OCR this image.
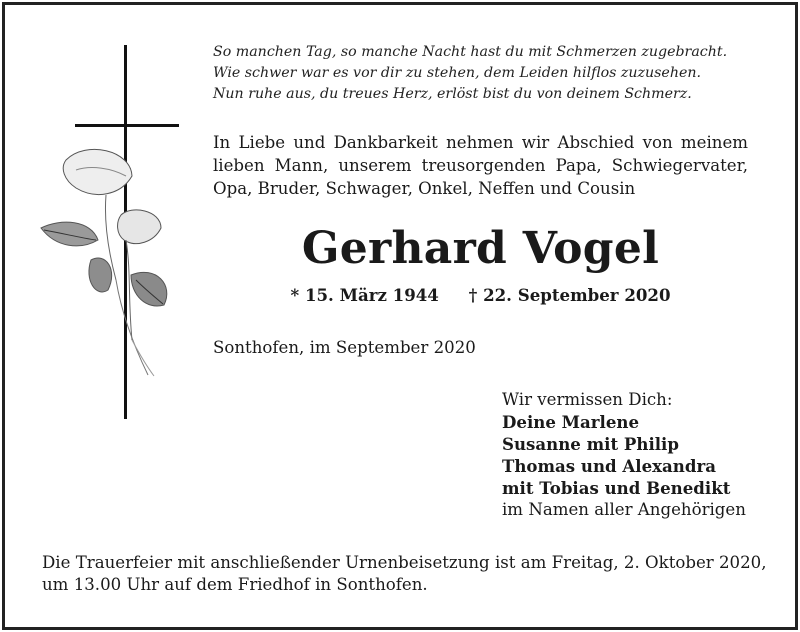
So manchen Tag, so manche Nacht hast du mit Schmerzen zugebracht.
Wie schwer war es vor dir zu stehen, dem Leiden hilflos zuzusehen.
Nun ruhe aus, du treues Herz, erlöst bist du von deinem Schmerz.
In Liebe und Dankbarkeit nehmen wir Abschied von meinem
lieben Mann, unserem treusorgenden Papa, Schwiegervater,
Opa, Bruder, Schwager, Onkel, Neffen und Cousin
Gerhard Vogel
* 15. März 1944 † 22. September 2020
Sonthofen, im September 2020
Wir vermissen Dich:
Deine Marlene
Susanne mit Philip
Thomas und Alexandra
mit Tobias und Benedikt
im Namen aller Angehörigen
Die Trauerfeier mit anschließender Urnenbeisetzung ist am Freitag, 2. Oktober 2020,
um 13.00 Uhr auf dem Friedhof in Sonthofen.
